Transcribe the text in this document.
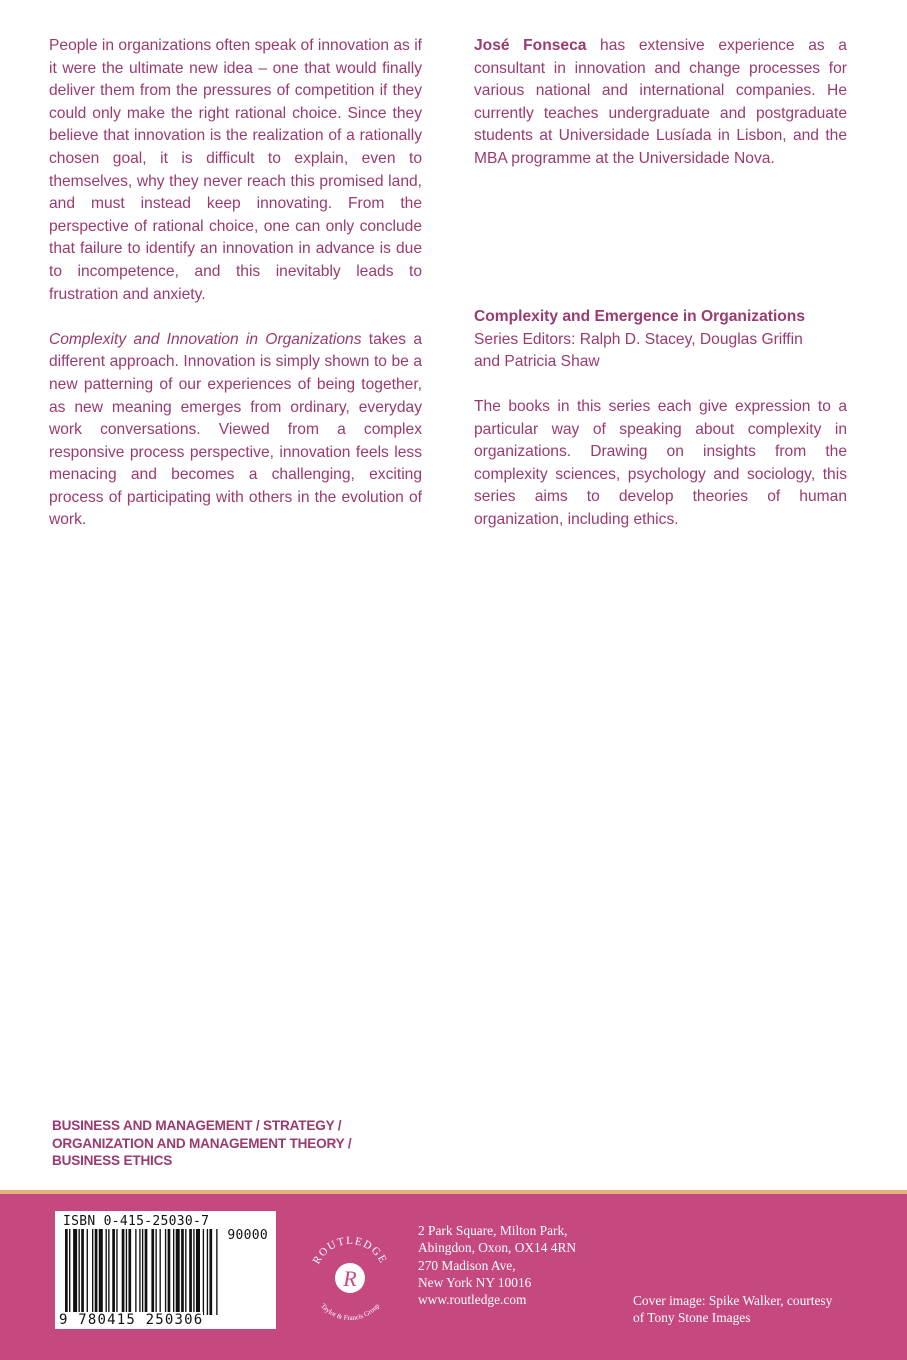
People in organizations often speak of innovation as if it were the ultimate new idea – one that would finally deliver them from the pressures of competition if they could only make the right rational choice. Since they believe that innovation is the realization of a rationally chosen goal, it is difficult to explain, even to themselves, why they never reach this promised land, and must instead keep innovating. From the perspective of rational choice, one can only conclude that failure to identify an innovation in advance is due to incompetence, and this inevitably leads to frustration and anxiety.

Complexity and Innovation in Organizations takes a different approach. Innovation is simply shown to be a new patterning of our experiences of being together, as new meaning emerges from ordinary, everyday work conversations. Viewed from a complex responsive process perspective, innovation feels less menacing and becomes a challenging, exciting process of participating with others in the evolution of work.

José Fonseca has extensive experience as a consultant in innovation and change processes for various national and international companies. He currently teaches undergraduate and postgraduate students at Universidade Lusíada in Lisbon, and the MBA programme at the Universidade Nova.

Complexity and Emergence in Organizations

Series Editors: Ralph D. Stacey, Douglas Griffin

and Patricia Shaw

The books in this series each give expression to a particular way of speaking about complexity in organizations. Drawing on insights from the complexity sciences, psychology and sociology, this series aims to develop theories of human organization, including ethics.
BUSINESS AND MANAGEMENT / STRATEGY /
ORGANIZATION AND MANAGEMENT THEORY /
BUSINESS ETHICS
ISBN 0-415-25030-7
90000
9 780415 250306
ROUTLEDGE
Taylor & Francis Group
R
2 Park Square, Milton Park,
Abingdon, Oxon, OX14 4RN
270 Madison Ave,
New York NY 10016
www.routledge.com	Cover image: Spike Walker, courtesy
of Tony Stone Images
